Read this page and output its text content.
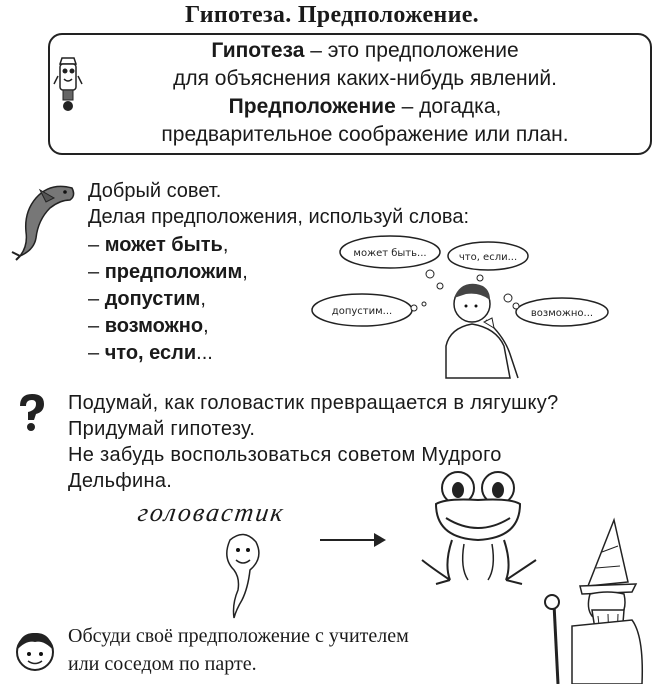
Гипотеза. Предположение.
Гипотеза – это предположение
для объяснения каких-нибудь явлений.
Предположение – догадка,
предварительное соображение или план.
Добрый совет.
Делая предположения, используй слова:
– может быть,
– предположим,
– допустим,
– возможно,
– что, если...
может быть...	что, если...
допустим...	возможно...
Подумай, как головастик превращается в лягушку?
Придумай гипотезу.
Не забудь воспользоваться советом Мудрого
Дельфина.
головастик
Обсуди своё предположение с учителем
или соседом по парте.
